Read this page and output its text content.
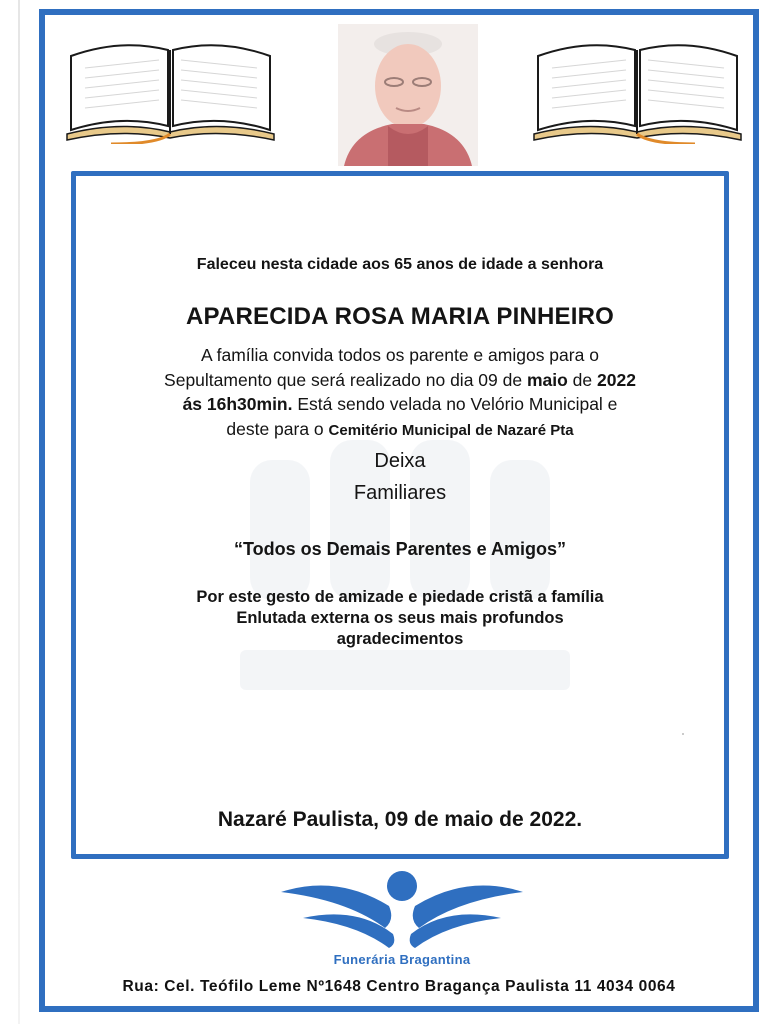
Faleceu nesta cidade aos 65 anos de idade a senhora

APARECIDA ROSA MARIA PINHEIRO

A família convida todos os parente e amigos para o
Sepultamento que será realizado no dia 09 de maio de 2022
ás 16h30min. Está sendo velada no Velório Municipal e
deste para o Cemitério Municipal de Nazaré Pta

Deixa

Familiares

“Todos os Demais Parentes e Amigos”

Por este gesto de amizade e piedade cristã a família
Enlutada externa os seus mais profundos
agradecimentos

Nazaré Paulista, 09 de maio de 2022.

Funerária Bragantina
Rua: Cel. Teófilo Leme Nº1648 Centro Bragança Paulista 11 4034 0064
